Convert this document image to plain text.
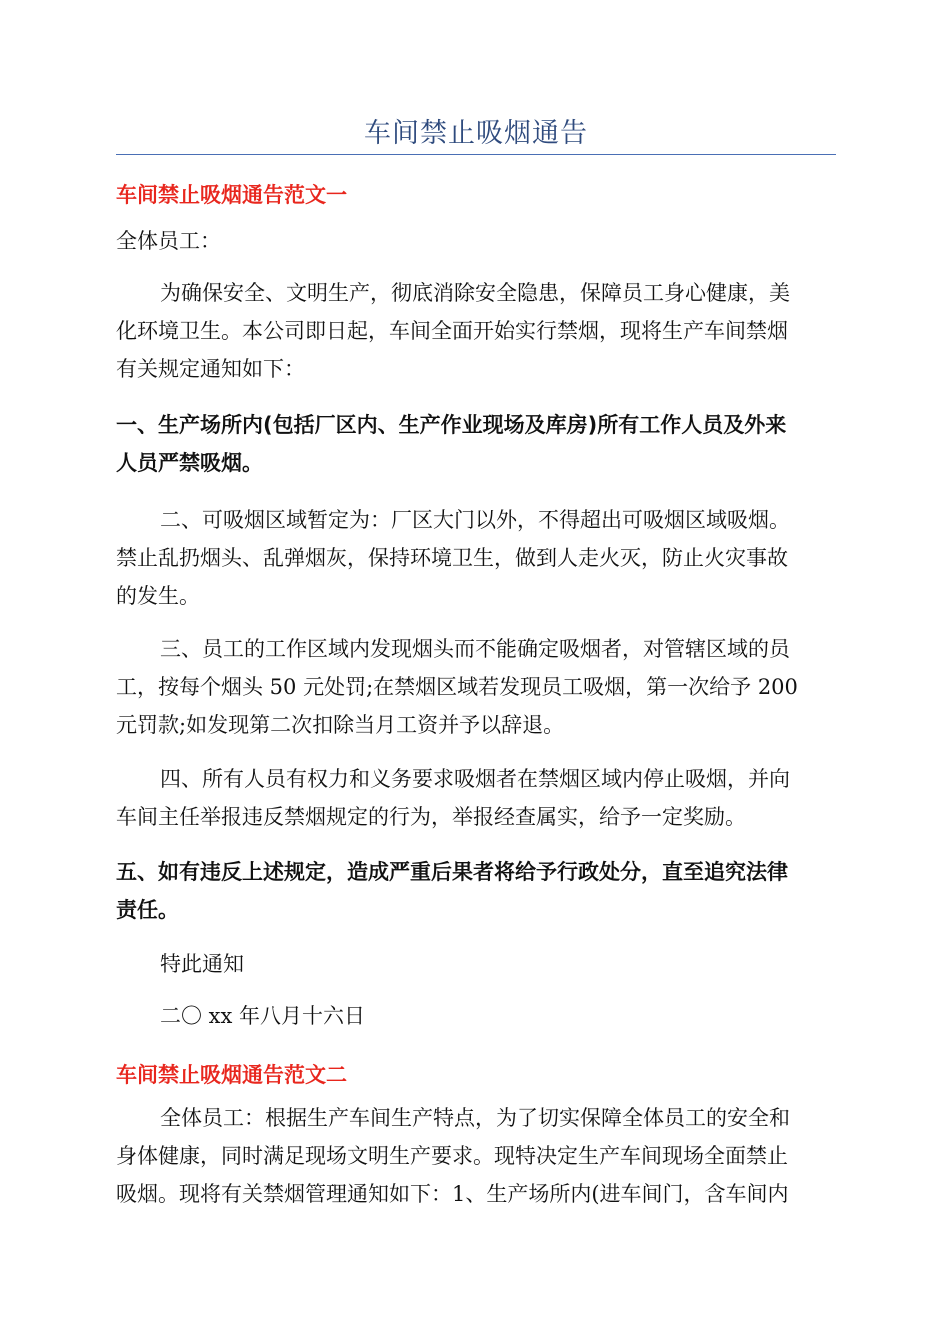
车间禁止吸烟通告
车间禁止吸烟通告范文一
全体员工：
为确保安全、文明生产，彻底消除安全隐患，保障员工身心健康，美
化环境卫生。本公司即日起，车间全面开始实行禁烟，现将生产车间禁烟
有关规定通知如下：
一、生产场所内(包括厂区内、生产作业现场及库房)所有工作人员及外来
人员严禁吸烟。
二、可吸烟区域暂定为：厂区大门以外，不得超出可吸烟区域吸烟。
禁止乱扔烟头、乱弹烟灰，保持环境卫生，做到人走火灭，防止火灾事故
的发生。
三、员工的工作区域内发现烟头而不能确定吸烟者，对管辖区域的员
工，按每个烟头 50 元处罚;在禁烟区域若发现员工吸烟，第一次给予 200
元罚款;如发现第二次扣除当月工资并予以辞退。
四、所有人员有权力和义务要求吸烟者在禁烟区域内停止吸烟，并向
车间主任举报违反禁烟规定的行为，举报经查属实，给予一定奖励。
五、如有违反上述规定，造成严重后果者将给予行政处分，直至追究法律
责任。
特此通知
二〇 xx 年八月十六日
车间禁止吸烟通告范文二
全体员工：根据生产车间生产特点，为了切实保障全体员工的安全和
身体健康，同时满足现场文明生产要求。现特决定生产车间现场全面禁止
吸烟。现将有关禁烟管理通知如下：1、生产场所内(进车间门，含车间内
